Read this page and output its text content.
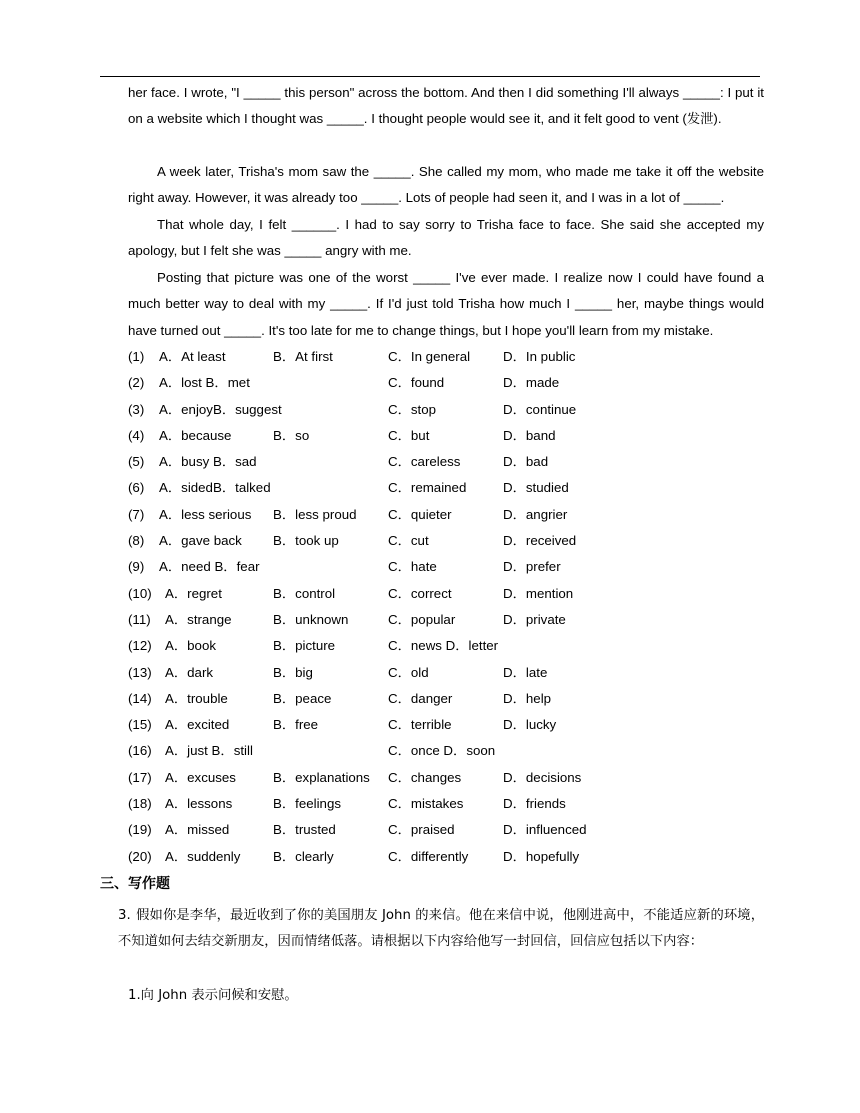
her face. I wrote, "I _____ this person" across the bottom. And then I did something I'll always _____: I put it on a website which I thought was _____. I thought people would see it, and it felt good to vent (发泄).

A week later, Trisha's mom saw the _____. She called my mom, who made me take it off the website right away. However, it was already too _____. Lots of people had seen it, and I was in a lot of _____.

That whole day, I felt ______. I had to say sorry to Trisha face to face. She said she accepted my apology, but I felt she was _____ angry with me.

Posting that picture was one of the worst _____ I've ever made. I realize now I could have found a much better way to deal with my _____. If I'd just told Trisha how much I _____ her, maybe things would have turned out _____. It's too late for me to change things, but I hope you'll learn from my mistake.

(1) A．At least	B．At first	C．In general D．In public
(2) A．lost B．met	C．found	D．made
(3) A．enjoyB．suggest	C．stop	D．continue
(4) A．because	B．so	C．but	D．band
(5) A．busy B．sad	C．careless	D．bad
(6) A．sidedB．talked	C．remained	D．studied
(7) A．less serious B．less proud C．quieter	D．angrier
(8) A．gave back B．took up	C．cut	D．received
(9) A．need B．fear	C．hate	D．prefer
(10) A．regret	B．control	C．correct	D．mention
(11) A．strange	B．unknown	C．popular	D．private
(12) A．book	B．picture	C．news D．letter
(13) A．dark	B．big	C．old	D．late
(14) A．trouble	B．peace	C．danger	D．help
(15) A．excited	B．free	C．terrible	D．lucky
(16) A．just B．still	C．once D．soon
(17) A．excuses	B．explanations C．changes	D．decisions
(18) A．lessons	B．feelings	C．mistakes	D．friends
(19) A．missed	B．trusted	C．praised	D．influenced
(20) A．suddenly B．clearly	C．differently	D．hopefully
三、写作题
3. 假如你是李华，最近收到了你的美国朋友 John 的来信。他在来信中说，他刚进高中，不能适应新的环境，不知道如何去结交新朋友，因而情绪低落。请根据以下内容给他写一封回信，回信应包括以下内容：
1.向 John 表示问候和安慰。
